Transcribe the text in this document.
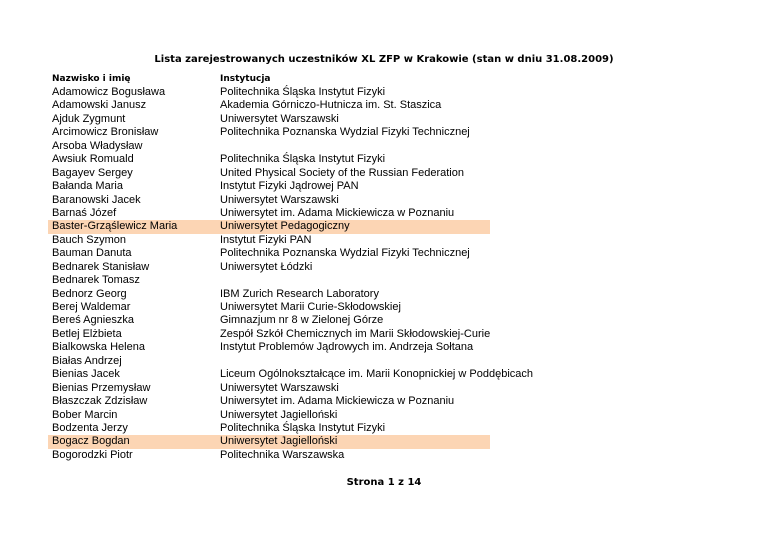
Lista zarejestrowanych uczestników XL ZFP w Krakowie (stan w dniu 31.08.2009)
Nazwisko i imię	Instytucja
Adamowicz Bogusława	Politechnika Śląska Instytut Fizyki
Adamowski Janusz	Akademia Górniczo-Hutnicza im. St. Staszica
Ajduk Zygmunt	Uniwersytet Warszawski
Arcimowicz Bronisław	Politechnika Poznanska Wydzial Fizyki Technicznej
Arsoba Władysław
Awsiuk Romuald	Politechnika Śląska Instytut Fizyki
Bagayev Sergey	United Physical Society of the Russian Federation
Bałanda Maria	Instytut Fizyki Jądrowej PAN
Baranowski Jacek	Uniwersytet Warszawski
Barnaś Józef	Uniwersytet im. Adama Mickiewicza w Poznaniu
Baster-Grząślewicz Maria	Uniwersytet Pedagogiczny
Bauch Szymon	Instytut Fizyki PAN
Bauman Danuta	Politechnika Poznanska Wydzial Fizyki Technicznej
Bednarek Stanisław	Uniwersytet Łódzki
Bednarek Tomasz
Bednorz Georg	IBM Zurich Research Laboratory
Berej Waldemar	Uniwersytet Marii Curie-Skłodowskiej
Bereś Agnieszka	Gimnazjum nr 8 w Zielonej Górze
Betlej Elżbieta	Zespół Szkół Chemicznych im Marii Skłodowskiej-Curie
Bialkowska Helena	Instytut Problemów Jądrowych im. Andrzeja Sołtana
Białas Andrzej
Bienias Jacek	Liceum Ogólnokształcące im. Marii Konopnickiej w Poddębicach
Bienias Przemysław	Uniwersytet Warszawski
Błaszczak Zdzisław	Uniwersytet im. Adama Mickiewicza w Poznaniu
Bober Marcin	Uniwersytet Jagielloński
Bodzenta Jerzy	Politechnika Śląska Instytut Fizyki
Bogacz Bogdan	Uniwersytet Jagielloński
Bogorodzki Piotr	Politechnika Warszawska
Strona 1 z 14
